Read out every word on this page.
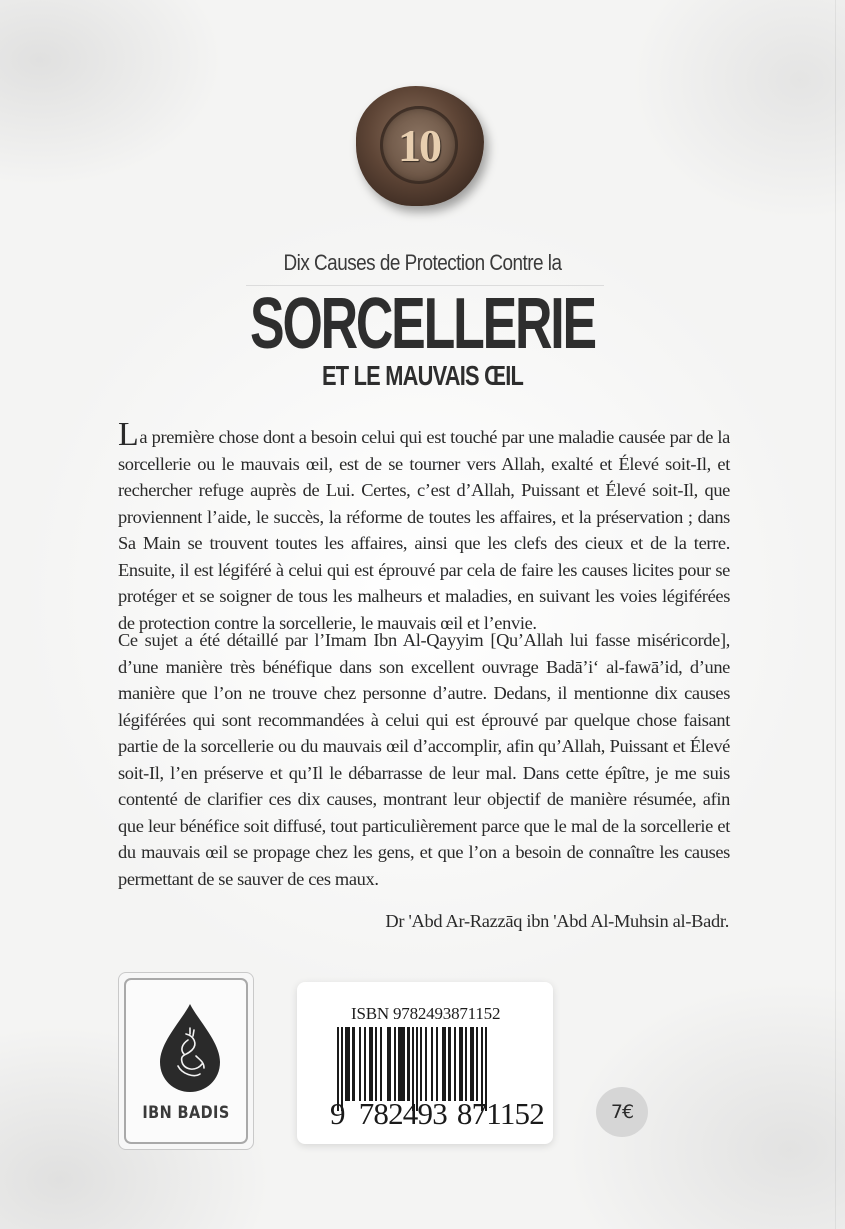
10
Dix Causes de Protection Contre la
SORCELLERIE
ET LE MAUVAIS ŒIL

La première chose dont a besoin celui qui est touché par une maladie causée par de la sorcellerie ou le mauvais œil, est de se tourner vers Allah, exalté et Élevé soit-Il, et rechercher refuge auprès de Lui. Certes, c’est d’Allah, Puissant et Élevé soit-Il, que proviennent l’aide, le succès, la réforme de toutes les affaires, et la préservation ; dans Sa Main se trouvent toutes les affaires, ainsi que les clefs des cieux et de la terre. Ensuite, il est légiféré à celui qui est éprouvé par cela de faire les causes licites pour se protéger et se soigner de tous les malheurs et maladies, en suivant les voies légiférées de protection contre la sorcellerie, le mauvais œil et l’envie.

Ce sujet a été détaillé par l’Imam Ibn Al-Qayyim [Qu’Allah lui fasse miséricorde], d’une manière très bénéfique dans son excellent ouvrage Badā’i‘ al-fawā’id, d’une manière que l’on ne trouve chez personne d’autre. Dedans, il mentionne dix causes légiférées qui sont recommandées à celui qui est éprouvé par quelque chose faisant partie de la sorcellerie ou du mauvais œil d’accomplir, afin qu’Allah, Puissant et Élevé soit-Il, l’en préserve et qu’Il le débarrasse de leur mal. Dans cette épître, je me suis contenté de clarifier ces dix causes, montrant leur objectif de manière résumée, afin que leur bénéfice soit diffusé, tout particulièrement parce que le mal de la sorcellerie et du mauvais œil se propage chez les gens, et que l’on a besoin de connaître les causes permettant de se sauver de ces maux.

Dr 'Abd Ar-Razzāq ibn 'Abd Al-Muhsin al-Badr.
IBN BADIS
ISBN 9782493871152
9 782493 871152	7€
